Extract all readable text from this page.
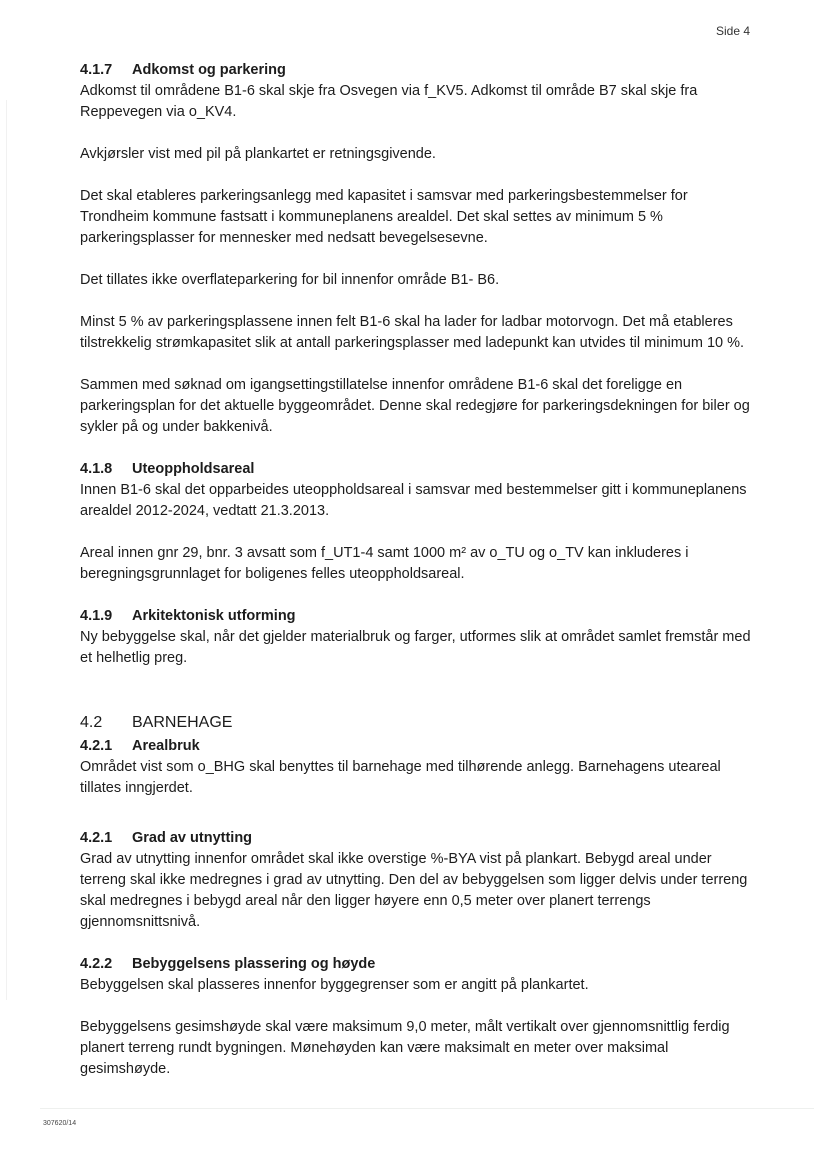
Side 4
4.1.7 Adkomst og parkering

Adkomst til områdene B1-6 skal skje fra Osvegen via f_KV5. Adkomst til område B7 skal skje fra Reppevegen via o_KV4.

Avkjørsler vist med pil på plankartet er retningsgivende.

Det skal etableres parkeringsanlegg med kapasitet i samsvar med parkeringsbestemmelser for Trondheim kommune fastsatt i kommuneplanens arealdel. Det skal settes av minimum 5 % parkeringsplasser for mennesker med nedsatt bevegelsesevne.

Det tillates ikke overflateparkering for bil innenfor område B1- B6.

Minst 5 % av parkeringsplassene innen felt B1-6 skal ha lader for ladbar motorvogn. Det må etableres tilstrekkelig strømkapasitet slik at antall parkeringsplasser med ladepunkt kan utvides til minimum 10 %.

Sammen med søknad om igangsettingstillatelse innenfor områdene B1-6 skal det foreligge en parkeringsplan for det aktuelle byggeområdet. Denne skal redegjøre for parkeringsdekningen for biler og sykler på og under bakkenivå.

4.1.8 Uteoppholdsareal

Innen B1-6 skal det opparbeides uteoppholdsareal i samsvar med bestemmelser gitt i kommuneplanens arealdel 2012-2024, vedtatt 21.3.2013.

Areal innen gnr 29, bnr. 3 avsatt som f_UT1-4 samt 1000 m² av o_TU og o_TV kan inkluderes i beregningsgrunnlaget for boligenes felles uteoppholdsareal.

4.1.9 Arkitektonisk utforming

Ny bebyggelse skal, når det gjelder materialbruk og farger, utformes slik at området samlet fremstår med et helhetlig preg.

4.2 BARNEHAGE
4.2.1 Arealbruk

Området vist som o_BHG skal benyttes til barnehage med tilhørende anlegg. Barnehagens uteareal tillates inngjerdet.

4.2.1 Grad av utnytting

Grad av utnytting innenfor området skal ikke overstige %-BYA vist på plankart. Bebygd areal under terreng skal ikke medregnes i grad av utnytting. Den del av bebyggelsen som ligger delvis under terreng skal medregnes i bebygd areal når den ligger høyere enn 0,5 meter over planert terrengs gjennomsnittsnivå.

4.2.2 Bebyggelsens plassering og høyde

Bebyggelsen skal plasseres innenfor byggegrenser som er angitt på plankartet.

Bebyggelsens gesimshøyde skal være maksimum 9,0 meter, målt vertikalt over gjennomsnittlig ferdig planert terreng rundt bygningen. Mønehøyden kan være maksimalt en meter over maksimal gesimshøyde.

307620/14
